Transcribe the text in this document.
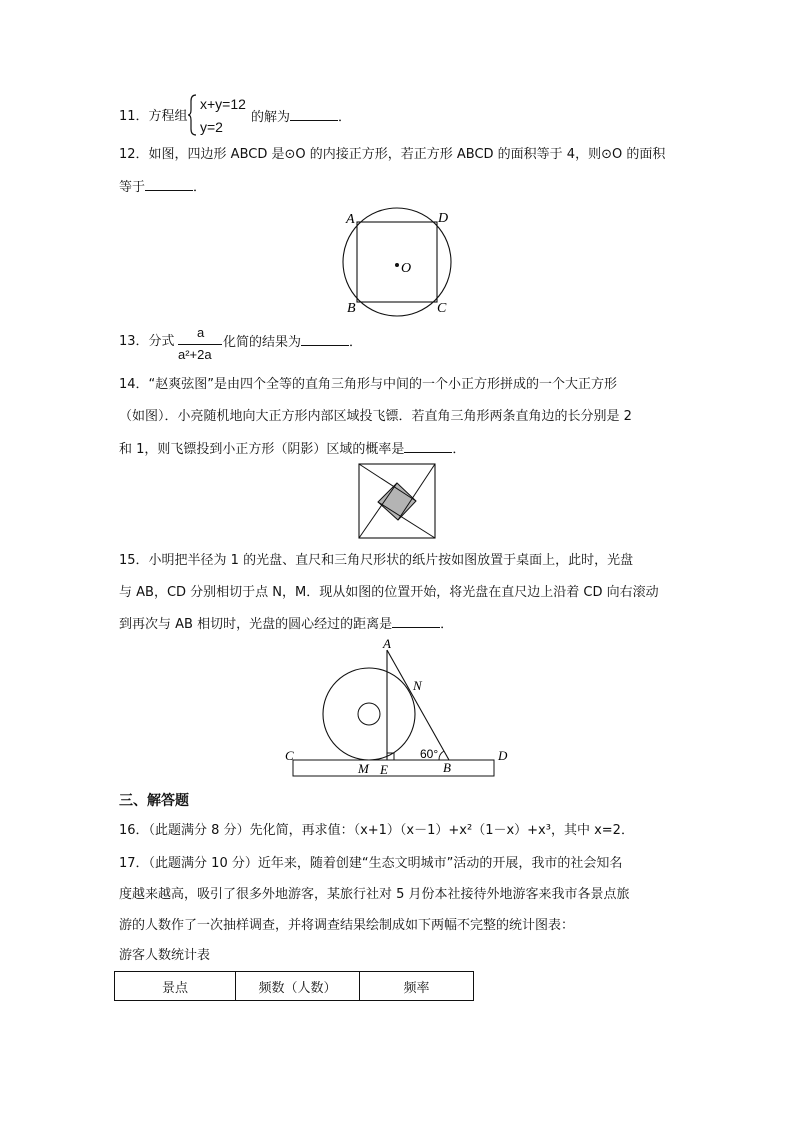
11．方程组
x+y=12
y=2
的解为	．
12．如图，四边形 ABCD 是⊙O 的内接正方形，若正方形 ABCD 的面积等于 4，则⊙O 的面积
等于	．
A	D
B	C
O
13．分式
a
a²+2a
化简的结果为	．
14．“赵爽弦图”是由四个全等的直角三角形与中间的一个小正方形拼成的一个大正方形
（如图）．小亮随机地向大正方形内部区域投飞镖．若直角三角形两条直角边的长分别是 2
和 1，则飞镖投到小正方形（阴影）区域的概率是	．
15．小明把半径为 1 的光盘、直尺和三角尺形状的纸片按如图放置于桌面上，此时，光盘
与 AB，CD 分别相切于点 N，M．现从如图的位置开始，将光盘在直尺边上沿着 CD 向右滚动
到再次与 AB 相切时，光盘的圆心经过的距离是	．
A
N
C	D
M E	B
60°
三、解答题
16．（此题满分 8 分）先化简，再求值：（x+1）（x－1）+x²（1－x）+x³，其中 x=2．
17．（此题满分 10 分）近年来，随着创建“生态文明城市”活动的开展，我市的社会知名
度越来越高，吸引了很多外地游客，某旅行社对 5 月份本社接待外地游客来我市各景点旅
游的人数作了一次抽样调查，并将调查结果绘制成如下两幅不完整的统计图表：
游客人数统计表
景点	频数（人数）	频率
